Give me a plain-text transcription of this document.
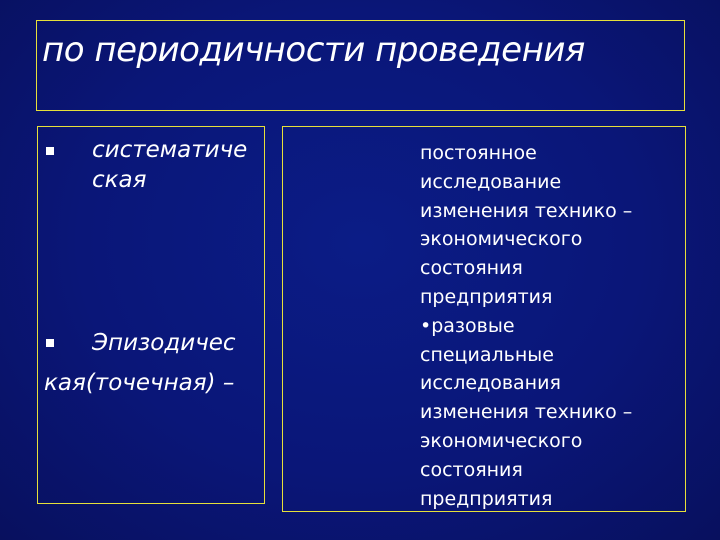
по периодичности проведения
систематиче
ская
Эпизодичес
кая(точечная) –
постоянное
исследование
изменения технико –
экономического
состояния
предприятия
•разовые
специальные
исследования
изменения технико –
экономического
состояния
предприятия
